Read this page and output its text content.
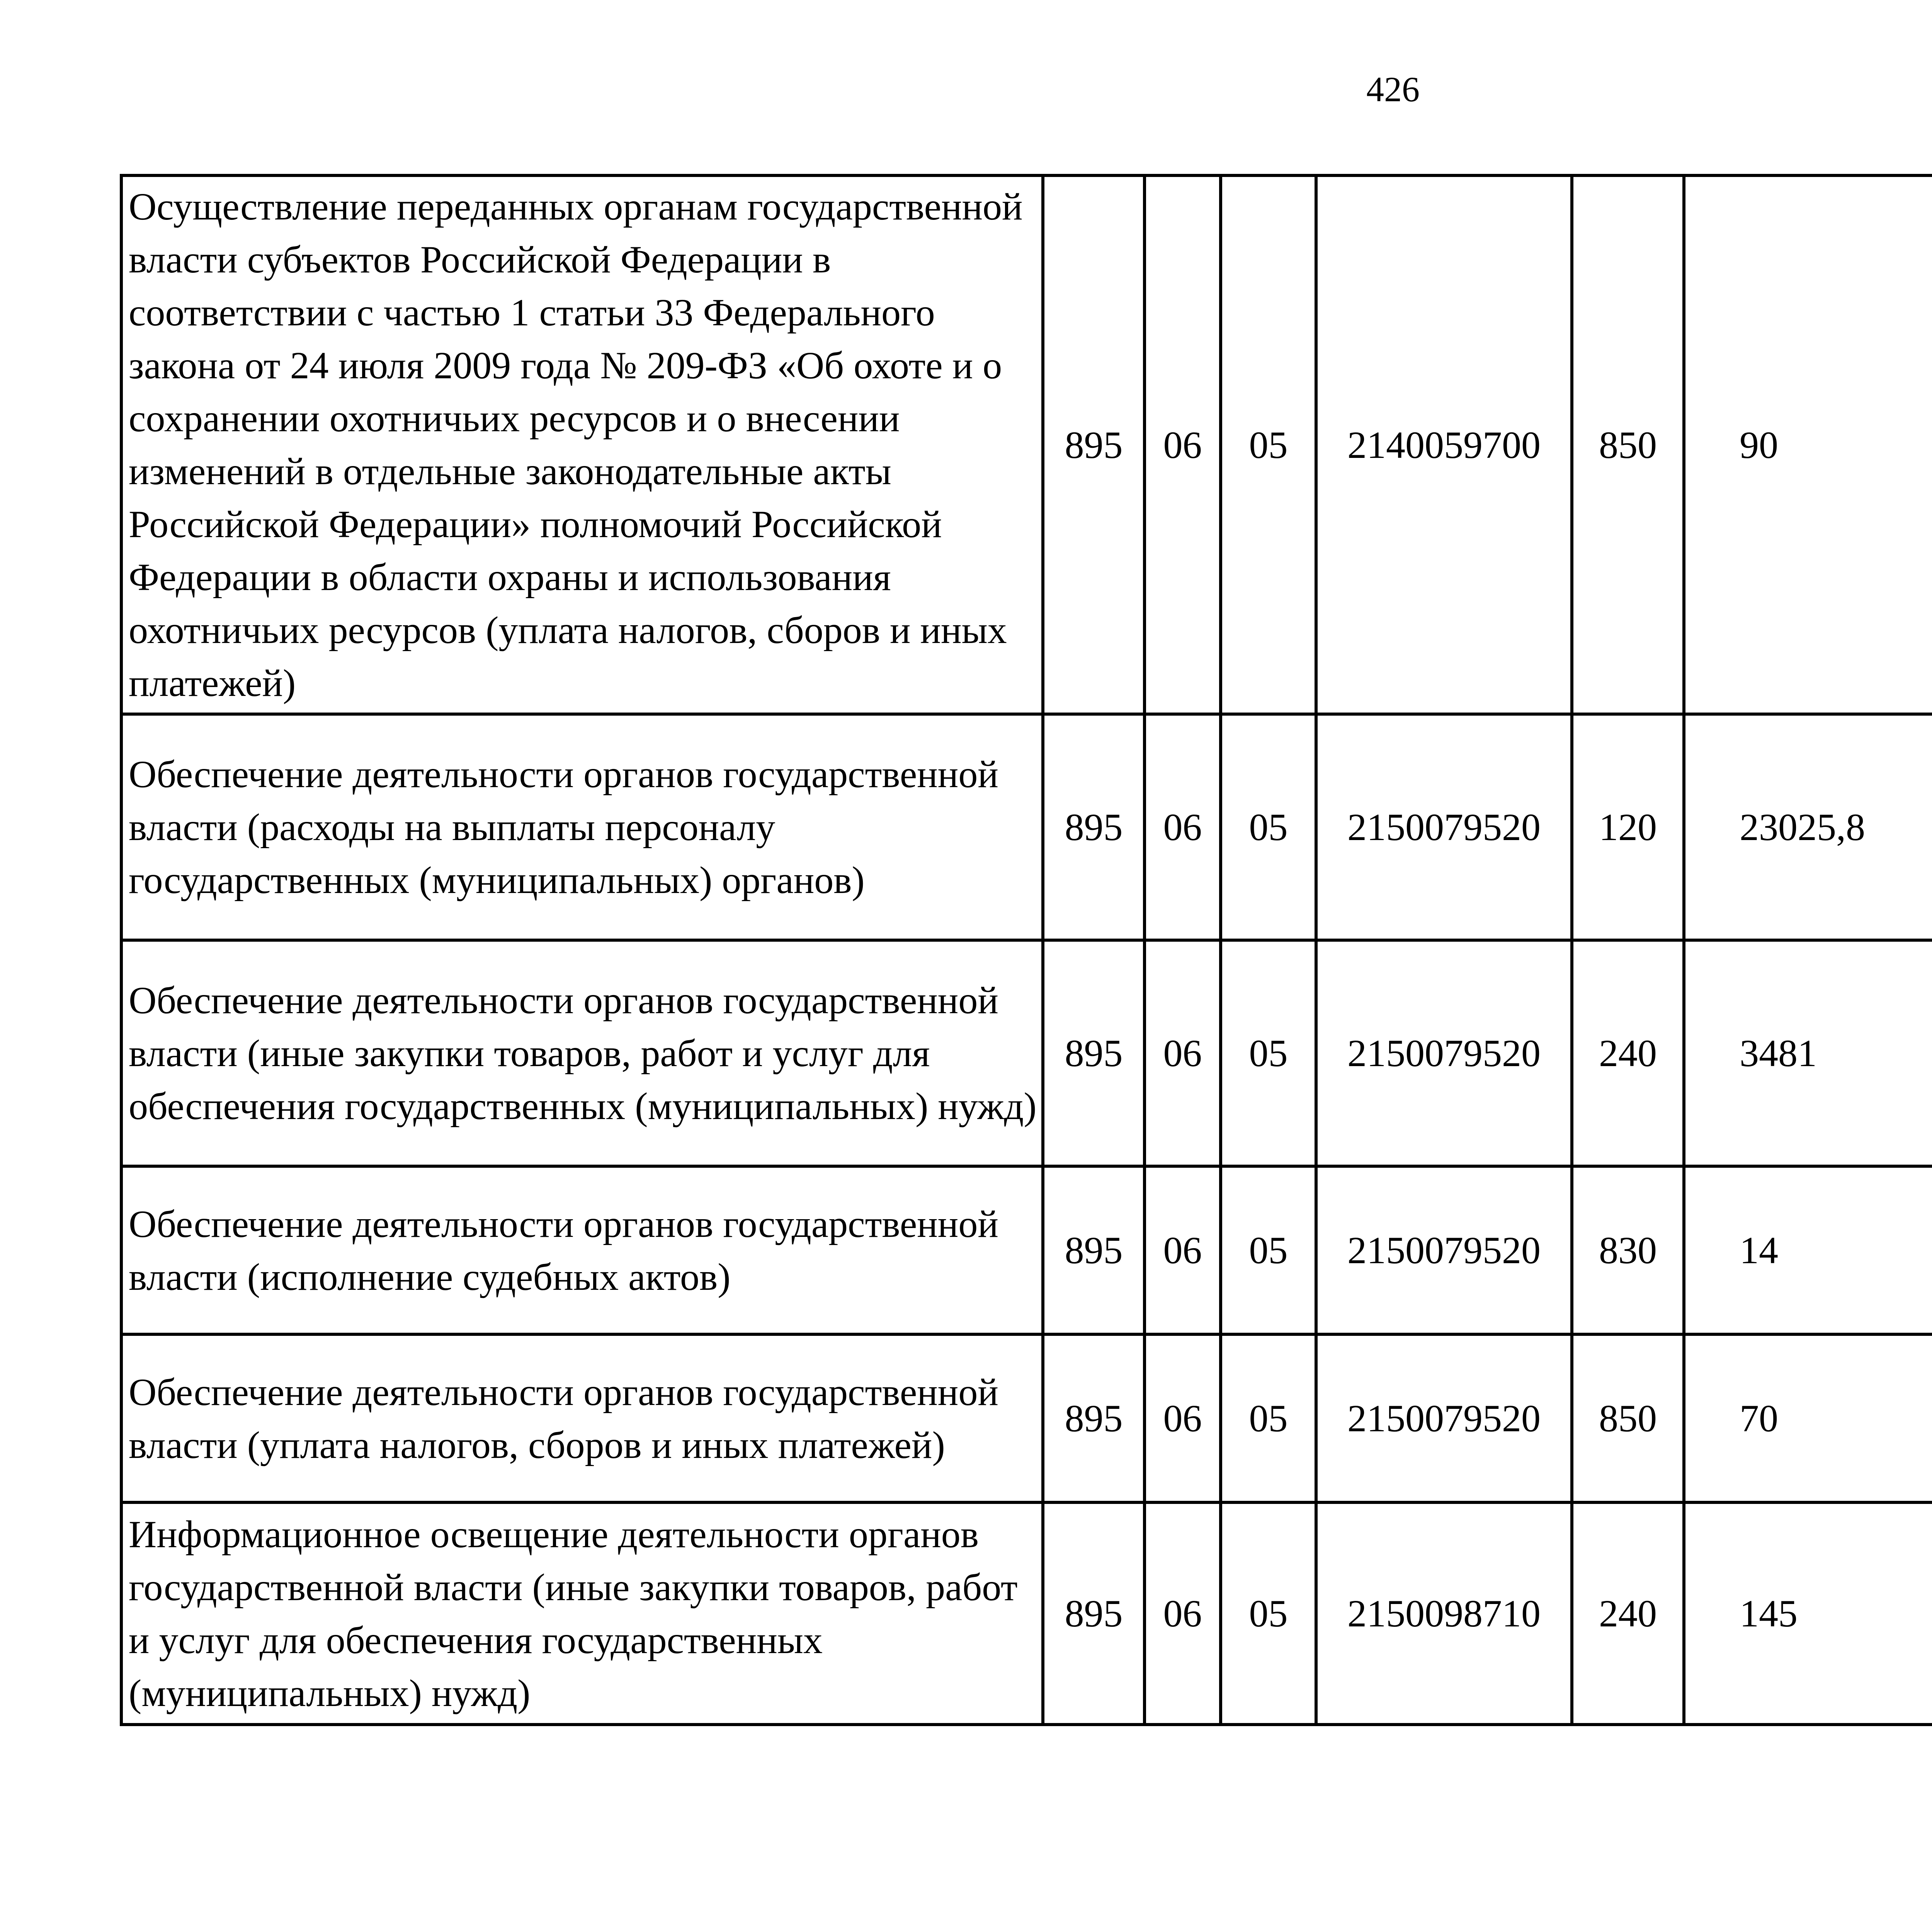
426
Осуществление переданных органам государственной власти субъектов Российской Федерации в соответствии с частью 1 статьи 33 Федерального закона от 24 июля 2009 года № 209-ФЗ «Об охоте и о сохранении охотничьих ресурсов и о внесении изменений в отдельные законодательные акты Российской Федерации» полномочий Российской Федерации в области охраны и использования охотничьих ресурсов (уплата налогов, сборов и иных платежей)	895	06	05	2140059700	850	90		
Обеспечение деятельности органов государственной власти (расходы на выплаты персоналу государственных (муниципальных) органов)	895	06	05	2150079520	120	23025,8		
Обеспечение деятельности органов государственной власти (иные закупки товаров, работ и услуг для обеспечения государственных (муниципальных) нужд)	895	06	05	2150079520	240	3481		
Обеспечение деятельности органов государственной власти (исполнение судебных актов)	895	06	05	2150079520	830	14		
Обеспечение деятельности органов государственной власти (уплата налогов, сборов и иных платежей)	895	06	05	2150079520	850	70		
Информационное освещение деятельности органов государственной власти (иные закупки товаров, работ и услуг для обеспечения государственных (муниципальных) нужд)	895	06	05	2150098710	240	145		
